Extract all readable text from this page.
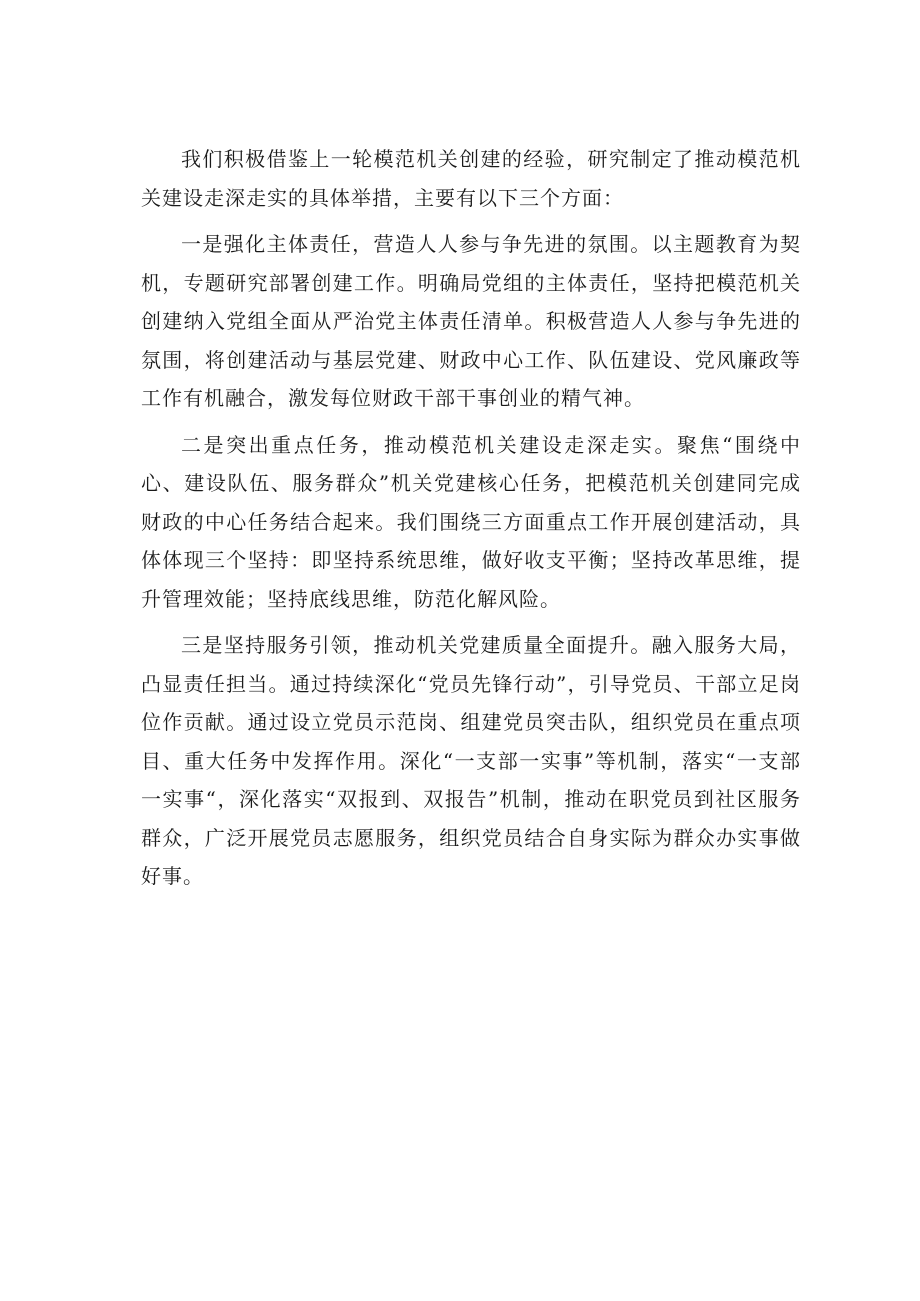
我们积极借鉴上一轮模范机关创建的经验，研究制定了推动模范机关建设走深走实的具体举措，主要有以下三个方面：

一是强化主体责任，营造人人参与争先进的氛围。以主题教育为契机，专题研究部署创建工作。明确局党组的主体责任，坚持把模范机关创建纳入党组全面从严治党主体责任清单。积极营造人人参与争先进的氛围，将创建活动与基层党建、财政中心工作、队伍建设、党风廉政等工作有机融合，激发每位财政干部干事创业的精气神。

二是突出重点任务，推动模范机关建设走深走实。聚焦“围绕中心、建设队伍、服务群众”机关党建核心任务，把模范机关创建同完成财政的中心任务结合起来。我们围绕三方面重点工作开展创建活动，具体体现三个坚持：即坚持系统思维，做好收支平衡；坚持改革思维，提升管理效能；坚持底线思维，防范化解风险。

三是坚持服务引领，推动机关党建质量全面提升。融入服务大局，凸显责任担当。通过持续深化“党员先锋行动”，引导党员、干部立足岗位作贡献。通过设立党员示范岗、组建党员突击队，组织党员在重点项目、重大任务中发挥作用。深化“一支部一实事”等机制，落实“一支部一实事“，深化落实“双报到、双报告”机制，推动在职党员到社区服务群众，广泛开展党员志愿服务，组织党员结合自身实际为群众办实事做好事。
